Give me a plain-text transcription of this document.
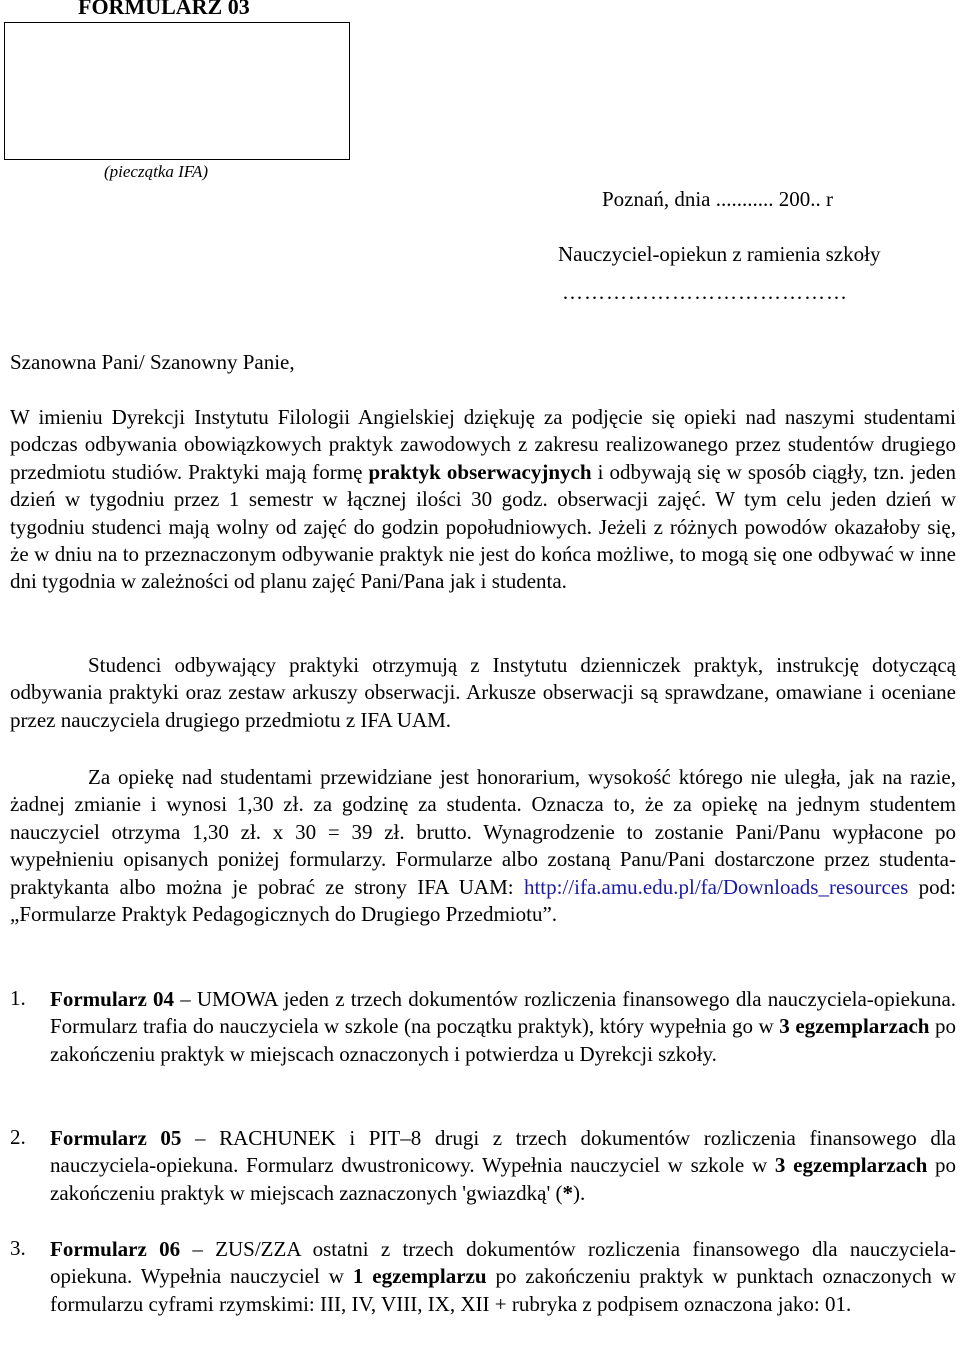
FORMULARZ 03
(pieczątka IFA)
Poznań, dnia ........... 200.. r
Nauczyciel-opiekun z ramienia szkoły
…………………………………
Szanowna Pani/ Szanowny Panie,
W imieniu Dyrekcji Instytutu Filologii Angielskiej dziękuję za podjęcie się opieki nad naszymi studentami podczas odbywania obowiązkowych praktyk zawodowych z zakresu realizowanego przez studentów drugiego przedmiotu studiów. Praktyki mają formę praktyk obserwacyjnych i odbywają się w sposób ciągły, tzn. jeden dzień w tygodniu przez 1 semestr w łącznej ilości 30 godz. obserwacji zajęć. W tym celu jeden dzień w tygodniu studenci mają wolny od zajęć do godzin popołudniowych. Jeżeli z różnych powodów okazałoby się, że w dniu na to przeznaczonym odbywanie praktyk nie jest do końca możliwe, to mogą się one odbywać w inne dni tygodnia w zależności od planu zajęć Pani/Pana jak i studenta.
Studenci odbywający praktyki otrzymują z Instytutu dzienniczek praktyk, instrukcję dotyczącą odbywania praktyki oraz zestaw arkuszy obserwacji. Arkusze obserwacji są sprawdzane, omawiane i oceniane przez nauczyciela drugiego przedmiotu z IFA UAM.
Za opiekę nad studentami przewidziane jest honorarium, wysokość którego nie uległa, jak na razie, żadnej zmianie i wynosi 1,30 zł. za godzinę za studenta. Oznacza to, że za opiekę na jednym studentem nauczyciel otrzyma 1,30 zł. x 30 = 39 zł. brutto. Wynagrodzenie to zostanie Pani/Panu wypłacone po wypełnieniu opisanych poniżej formularzy. Formularze albo zostaną Panu/Pani dostarczone przez studenta-praktykanta albo można je pobrać ze strony IFA UAM: http://ifa.amu.edu.pl/fa/Downloads_resources pod: „Formularze Praktyk Pedagogicznych do Drugiego Przedmiotu”.
1.	Formularz 04 – UMOWA jeden z trzech dokumentów rozliczenia finansowego dla nauczyciela-opiekuna. Formularz trafia do nauczyciela w szkole (na początku praktyk), który wypełnia go w 3 egzemplarzach po zakończeniu praktyk w miejscach oznaczonych i potwierdza u Dyrekcji szkoły.
2.	Formularz 05 – RACHUNEK i PIT–8 drugi z trzech dokumentów rozliczenia finansowego dla nauczyciela-opiekuna. Formularz dwustronicowy. Wypełnia nauczyciel w szkole w 3 egzemplarzach po zakończeniu praktyk w miejscach zaznaczonych 'gwiazdką' (*).
3.	Formularz 06 – ZUS/ZZA ostatni z trzech dokumentów rozliczenia finansowego dla nauczyciela-opiekuna. Wypełnia nauczyciel w 1 egzemplarzu po zakończeniu praktyk w punktach oznaczonych w formularzu cyframi rzymskimi: III, IV, VIII, IX, XII + rubryka z podpisem oznaczona jako: 01.
